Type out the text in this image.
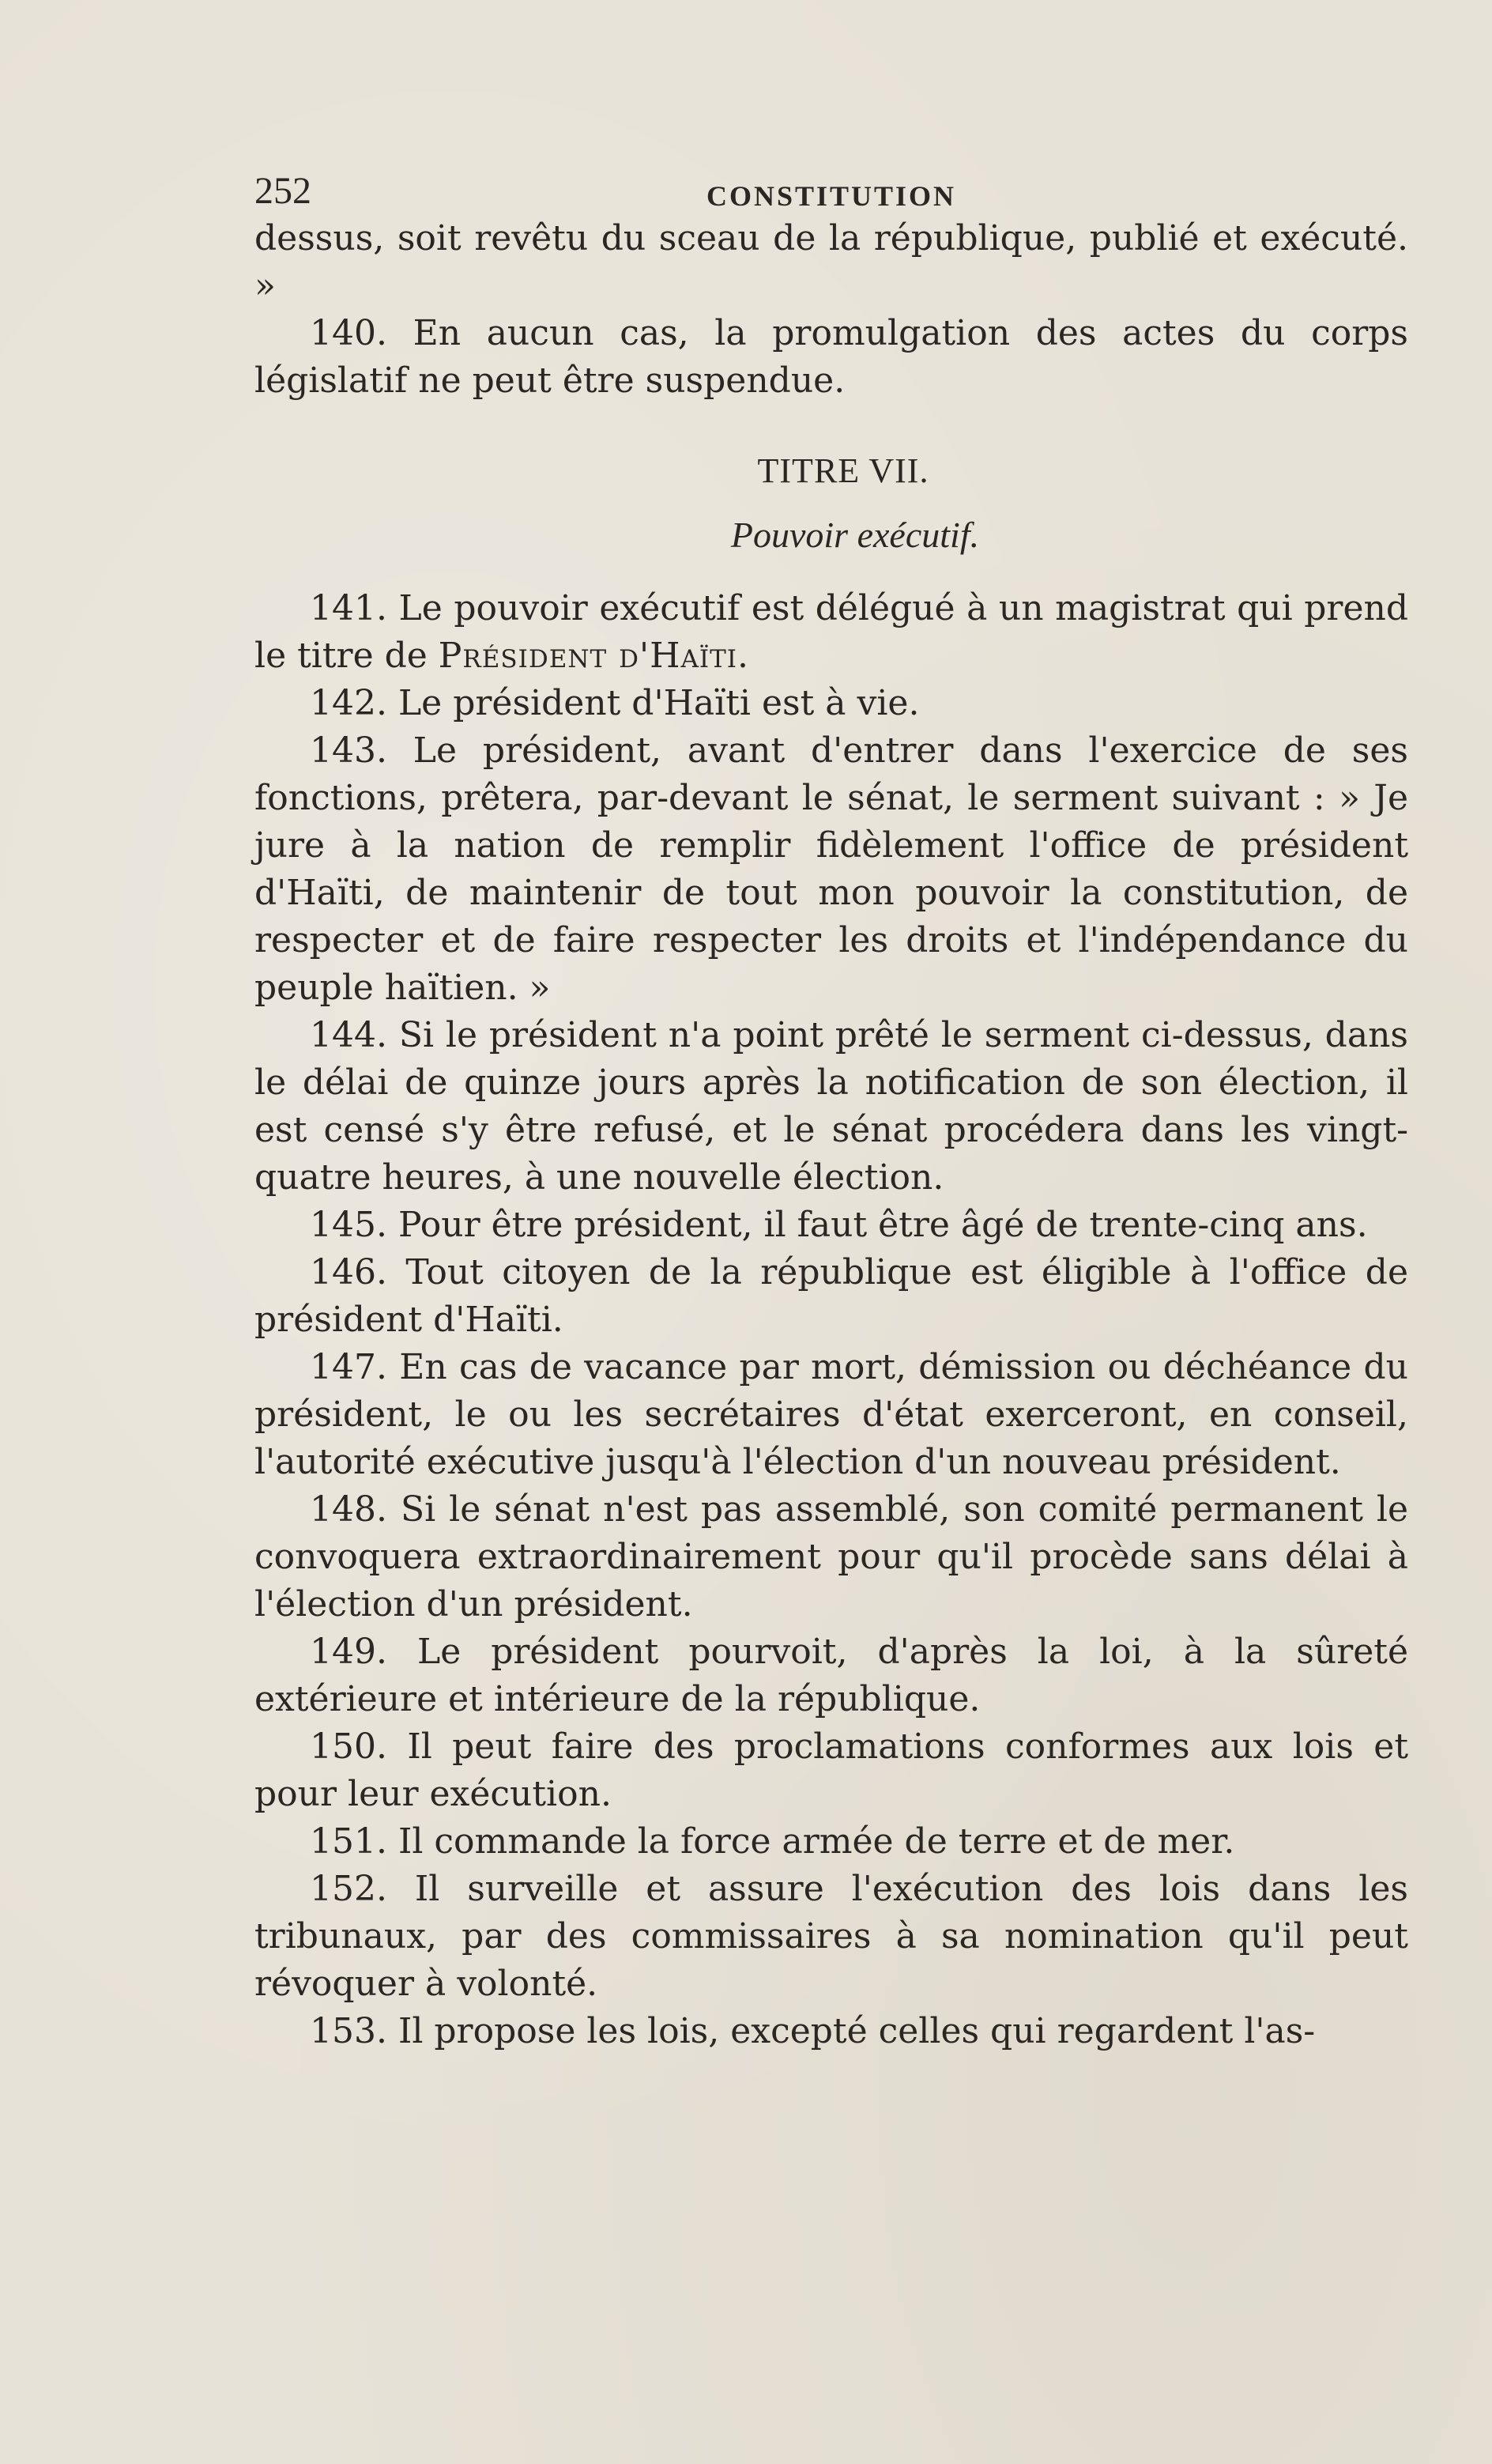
252	CONSTITUTION

dessus, soit revêtu du sceau de la république, publié et exécuté. »

140. En aucun cas, la promulgation des actes du corps législatif ne peut être suspendue.

TITRE VII.

Pouvoir exécutif.

141. Le pouvoir exécutif est délégué à un magistrat qui prend le titre de Président d'Haïti.

142. Le président d'Haïti est à vie.

143. Le président, avant d'entrer dans l'exercice de ses fonctions, prêtera, par-devant le sénat, le serment suivant : » Je jure à la nation de remplir fidèlement l'office de président d'Haïti, de maintenir de tout mon pouvoir la constitution, de respecter et de faire respecter les droits et l'indépendance du peuple haïtien. »

144. Si le président n'a point prêté le serment ci-dessus, dans le délai de quinze jours après la notification de son élection, il est censé s'y être refusé, et le sénat procédera dans les vingt-quatre heures, à une nouvelle élection.

145. Pour être président, il faut être âgé de trente-cinq ans.

146. Tout citoyen de la république est éligible à l'office de président d'Haïti.

147. En cas de vacance par mort, démission ou déchéance du président, le ou les secrétaires d'état exerceront, en conseil, l'autorité exécutive jusqu'à l'élection d'un nouveau président.

148. Si le sénat n'est pas assemblé, son comité permanent le convoquera extraordinairement pour qu'il procède sans délai à l'élection d'un président.

149. Le président pourvoit, d'après la loi, à la sûreté extérieure et intérieure de la république.

150. Il peut faire des proclamations conformes aux lois et pour leur exécution.

151. Il commande la force armée de terre et de mer.

152. Il surveille et assure l'exécution des lois dans les tribunaux, par des commissaires à sa nomination qu'il peut révoquer à volonté.

153. Il propose les lois, excepté celles qui regardent l'as-
